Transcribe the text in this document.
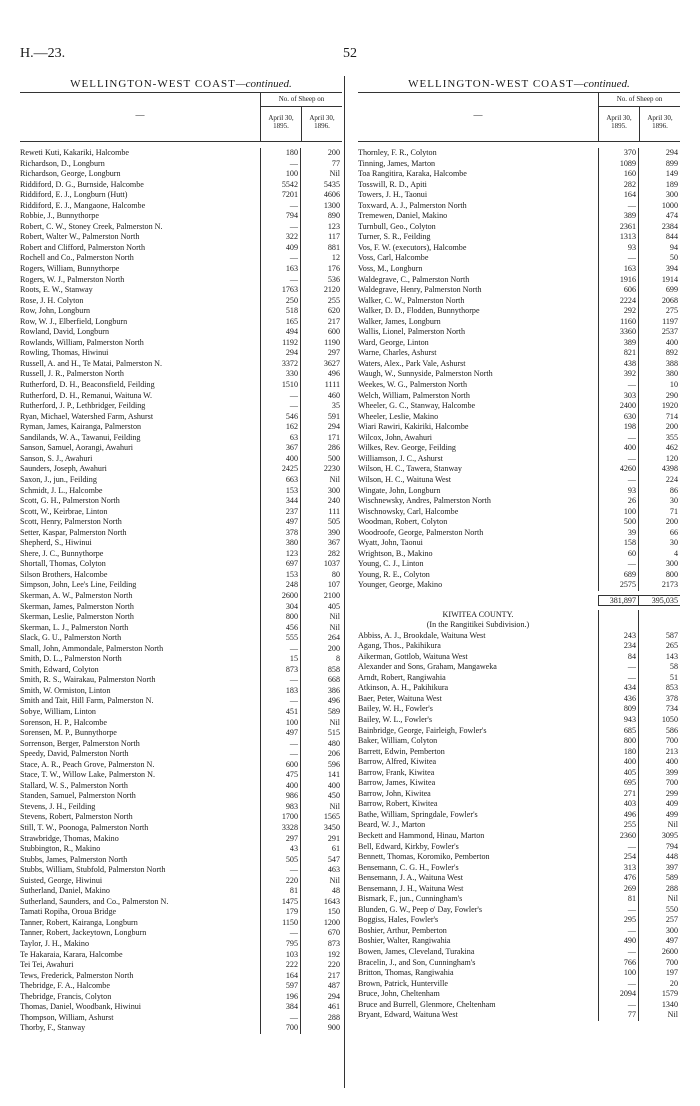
H.—23.	52
WELLINGTON-WEST COAST—continued.
—
No. of Sheep on
April 30, 1895.
April 30, 1896.
Reweti Kuti, Kakariki, Halcombe	180	200
Richardson, D., Longburn	—	77
Richardson, George, Longburn	100	Nil
Riddiford, D. G., Burnside, Halcombe	5542	5435
Riddiford, E. J., Longburn (Hutt)	7201	4606
Riddiford, E. J., Mangaone, Halcombe	—	1300
Robbie, J., Bunnythorpe	794	890
Robert, C. W., Stoney Creek, Palmerston N.	—	123
Robert, Walter W., Palmerston North	322	117
Robert and Clifford, Palmerston North	409	881
Rochell and Co., Palmerston North	—	12
Rogers, William, Bunnythorpe	163	176
Rogers, W. J., Palmerston North	—	536
Roots, E. W., Stanway	1763	2120
Rose, J. H. Colyton	250	255
Row, John, Longburn	518	620
Row, W. J., Elberfield, Longburn	165	217
Rowland, David, Longburn	494	600
Rowlands, William, Palmerston North	1192	1190
Rowling, Thomas, Hiwinui	294	297
Russell, A. and H., Te Matai, Palmerston N.	3372	3627
Russell, J. R., Palmerston North	330	496
Rutherford, D. H., Beaconsfield, Feilding	1510	1111
Rutherford, D. H., Remanui, Waituna W.	—	460
Rutherford, J. P., Lethbridger, Feilding	—	35
Ryan, Michael, Watershed Farm, Ashurst	546	591
Ryman, James, Kairanga, Palmerston	162	294
Sandilands, W. A., Tawanui, Feilding	63	171
Sanson, Samuel, Aorangi, Awahuri	367	286
Sanson, S. J., Awahuri	400	500
Saunders, Joseph, Awahuri	2425	2230
Saxon, J., jun., Feilding	663	Nil
Schmidt, J. L., Halcombe	153	300
Scott, G. H., Palmerston North	344	240
Scott, W., Keirbrae, Linton	237	111
Scott, Henry, Palmerston North	497	505
Setter, Kaspar, Palmerston North	378	390
Shepherd, S., Hiwinui	380	367
Shere, J. C., Bunnythorpe	123	282
Shortall, Thomas, Colyton	697	1037
Silson Brothers, Halcombe	153	80
Simpson, John, Lee's Line, Feilding	248	107
Skerman, A. W., Palmerston North	2600	2100
Skerman, James, Palmerston North	304	405
Skerman, Leslie, Palmerston North	800	Nil
Skerman, L. J., Palmerston North	456	Nil
Slack, G. U., Palmerston North	555	264
Small, John, Ammondale, Palmerston North	—	200
Smith, D. L., Palmerston North	15	8
Smith, Edward, Colyton	873	858
Smith, R. S., Wairakau, Palmerston North	—	668
Smith, W. Ormiston, Linton	183	386
Smith and Tait, Hill Farm, Palmerston N.	—	496
Sobye, William, Linton	451	589
Sorenson, H. P., Halcombe	100	Nil
Sorensen, M. P., Bunnythorpe	497	515
Sorrenson, Berger, Palmerston North	—	480
Speedy, David, Palmerston North	—	206
Stace, A. R., Peach Grove, Palmerston N.	600	596
Stace, T. W., Willow Lake, Palmerston N.	475	141
Stallard, W. S., Palmerston North	400	400
Standen, Samuel, Palmerston North	986	450
Stevens, J. H., Feilding	983	Nil
Stevens, Robert, Palmerston North	1700	1565
Still, T. W., Poonoga, Palmerston North	3328	3450
Strawbridge, Thomas, Makino	297	291
Stubbington, R., Makino	43	61
Stubbs, James, Palmerston North	505	547
Stubbs, William, Stubfold, Palmerston North	—	463
Suisted, George, Hiwinui	220	Nil
Sutherland, Daniel, Makino	81	48
Sutherland, Saunders, and Co., Palmerston N.	1475	1643
Tamati Ropiha, Oroua Bridge	179	150
Tanner, Robert, Kairanga, Longburn	1150	1200
Tanner, Robert, Jackeytown, Longburn	—	670
Taylor, J. H., Makino	795	873
Te Hakaraia, Karara, Halcombe	103	192
Tei Tei, Awahuri	222	220
Tews, Frederick, Palmerston North	164	217
Thebridge, F. A., Halcombe	597	487
Thebridge, Francis, Colyton	196	294
Thomas, Daniel, Woodbank, Hiwinui	384	461
Thompson, William, Ashurst	—	288
Thorby, F., Stanway	700	900
WELLINGTON-WEST COAST—continued.
—
No. of Sheep on
April 30, 1895.
April 30, 1896.
Thornley, F. R., Colyton	370	294
Tinning, James, Marton	1089	899
Toa Rangitira, Karaka, Halcombe	160	149
Tosswill, R. D., Apiti	282	189
Towers, J. H., Taonui	164	300
Toxward, A. J., Palmerston North	—	1000
Tremewen, Daniel, Makino	389	474
Turnbull, Geo., Colyton	2361	2384
Turner, S. R., Feilding	1313	844
Vos, F. W. (executors), Halcombe	93	94
Voss, Carl, Halcombe	—	50
Voss, M., Longburn	163	394
Waldegrave, C., Palmerston North	1916	1914
Waldegrave, Henry, Palmerston North	606	699
Walker, C. W., Palmerston North	2224	2068
Walker, D. D., Flodden, Bunnythorpe	292	275
Walker, James, Longburn	1160	1197
Wallis, Lionel, Palmerston North	3360	2537
Ward, George, Linton	389	400
Warne, Charles, Ashurst	821	892
Waters, Alex., Park Vale, Ashurst	438	388
Waugh, W., Sunnyside, Palmerston North	392	380
Weekes, W. G., Palmerston North	—	10
Welch, William, Palmerston North	303	290
Wheeler, G. C., Stanway, Halcombe	2400	1920
Wheeler, Leslie, Makino	630	714
Wiari Rawiri, Kakiriki, Halcombe	198	200
Wilcox, John, Awahuri	—	355
Wilkes, Rev. George, Feilding	400	462
Williamson, J. C., Ashurst	—	120
Wilson, H. C., Tawera, Stanway	4260	4398
Wilson, H. C., Waituna West	—	224
Wingate, John, Longburn	93	86
Wischnewsky, Andres, Palmerston North	26	30
Wischnowsky, Carl, Halcombe	100	71
Woodman, Robert, Colyton	500	200
Woodroofe, George, Palmerston North	39	66
Wyatt, John, Taonui	158	30
Wrightson, B., Makino	60	4
Young, C. J., Linton	—	300
Young, R. E., Colyton	689	800
Younger, George, Makino	2575	2173
381,897	395,035
KIWITEA COUNTY.
(In the Rangitikei Subdivision.)
Abbiss, A. J., Brookdale, Waituna West	243	587
Agang, Thos., Pakihikura	234	265
Aikerman, Gottlob, Waituna West	84	143
Alexander and Sons, Graham, Mangaweka	—	58
Arndt, Robert, Rangiwahia	—	51
Atkinson, A. H., Pakihikura	434	853
Baer, Peter, Waituna West	436	378
Bailey, W. H., Fowler's	809	734
Bailey, W. L., Fowler's	943	1050
Bainbridge, George, Fairleigh, Fowler's	685	586
Baker, William, Colyton	800	700
Barrett, Edwin, Pemberton	180	213
Barrow, Alfred, Kiwitea	400	400
Barrow, Frank, Kiwitea	405	399
Barrow, James, Kiwitea	695	700
Barrow, John, Kiwitea	271	299
Barrow, Robert, Kiwitea	403	409
Bathe, William, Springdale, Fowler's	496	499
Beard, W. J., Marton	255	Nil
Beckett and Hammond, Hinau, Marton	2360	3095
Bell, Edward, Kirkby, Fowler's	—	794
Bennett, Thomas, Koromiko, Pemberton	254	448
Bensemann, C. G. H., Fowler's	313	397
Bensemann, J. A., Waituna West	476	589
Bensemann, J. H., Waituna West	269	288
Bismark, F., jun., Cunningham's	81	Nil
Blunden, G. W., Peep o' Day, Fowler's	—	550
Boggiss, Hales, Fowler's	295	257
Boshier, Arthur, Pemberton	—	300
Boshier, Walter, Rangiwahia	490	497
Bowen, James, Cleveland, Turakina	—	2600
Bracelin, J., and Son, Cunningham's	766	700
Britton, Thomas, Rangiwahia	100	197
Brown, Patrick, Hunterville	—	20
Bruce, John, Cheltenham	2094	1579
Bruce and Burrell, Glenmore, Cheltenham	—	1340
Bryant, Edward, Waituna West	77	Nil
